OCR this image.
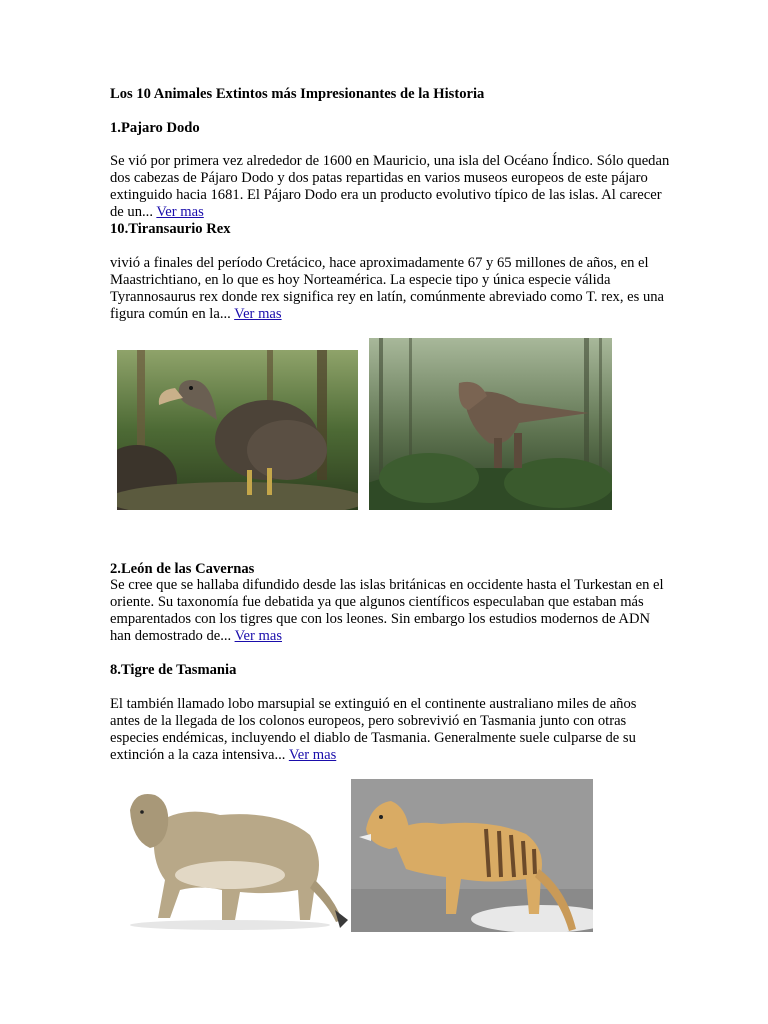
Los 10 Animales Extintos más Impresionantes de la Historia
1.Pajaro Dodo
Se vió por primera vez alrededor de 1600 en Mauricio, una isla del Océano Índico. Sólo quedan dos cabezas de Pájaro Dodo y dos patas repartidas en varios museos europeos de este pájaro extinguido hacia 1681. El Pájaro Dodo era un producto evolutivo típico de las islas. Al carecer de un... Ver mas
10.Tiransaurio Rex
vivió a finales del período Cretácico, hace aproximadamente 67 y 65 millones de años, en el Maastrichtiano, en lo que es hoy Norteamérica. La especie tipo y única especie válida Tyrannosaurus rex donde rex significa rey en latín, comúnmente abreviado como T. rex, es una figura común en la... Ver mas
2.León de las Cavernas
Se cree que se hallaba difundido desde las islas británicas en occidente hasta el Turkestan en el oriente. Su taxonomía fue debatida ya que algunos científicos especulaban que estaban más emparentados con los tigres que con los leones. Sin embargo los estudios modernos de ADN han demostrado de... Ver mas
8.Tigre de Tasmania
El también llamado lobo marsupial se extinguió en el continente australiano miles de años antes de la llegada de los colonos europeos, pero sobrevivió en Tasmania junto con otras especies endémicas, incluyendo el diablo de Tasmania. Generalmente suele culparse de su extinción a la caza intensiva... Ver mas
